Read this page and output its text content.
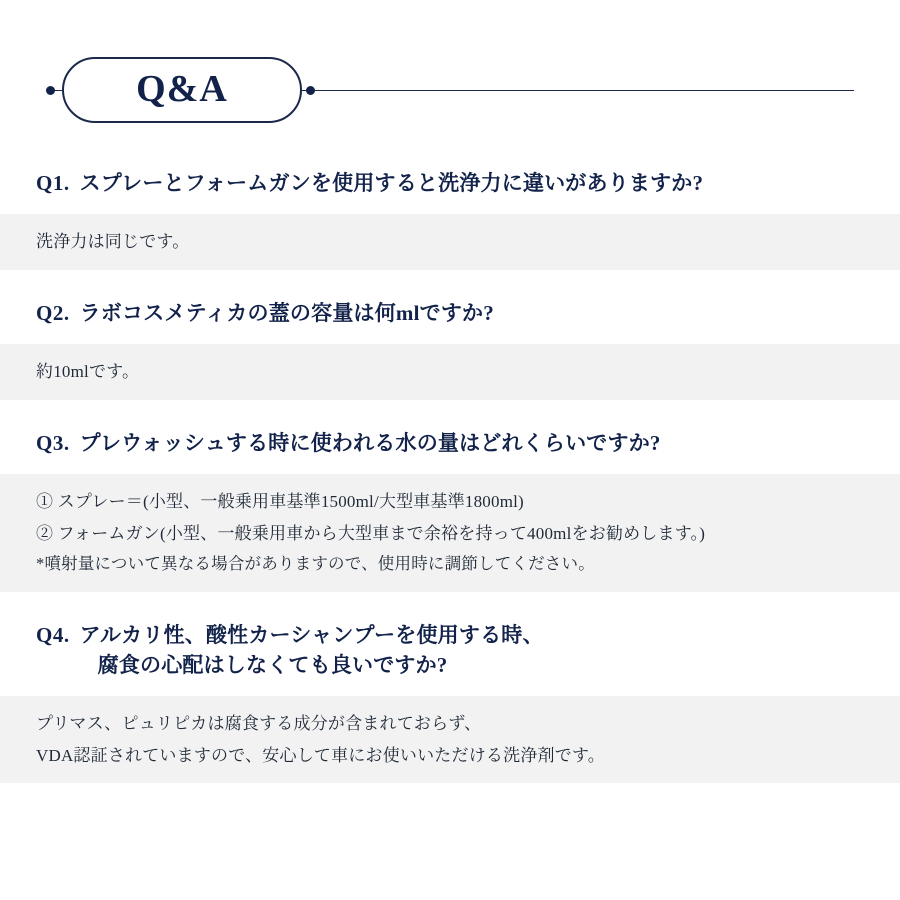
Q&A
Q1. スプレーとフォームガンを使用すると洗浄力に違いがありますか?
洗浄力は同じです。
Q2. ラボコスメティカの蓋の容量は何mlですか?
約10mlです。
Q3. プレウォッシュする時に使われる水の量はどれくらいですか?
① スプレー＝(小型、一般乗用車基準1500ml/大型車基準1800ml)
② フォームガン(小型、一般乗用車から大型車まで余裕を持って400mlをお勧めします。)
*噴射量について異なる場合がありますので、使用時に調節してください。
Q4. アルカリ性、酸性カーシャンプーを使用する時、
腐食の心配はしなくても良いですか?
プリマス、ピュリピカは腐食する成分が含まれておらず、
VDA認証されていますので、安心して車にお使いいただける洗浄剤です。
